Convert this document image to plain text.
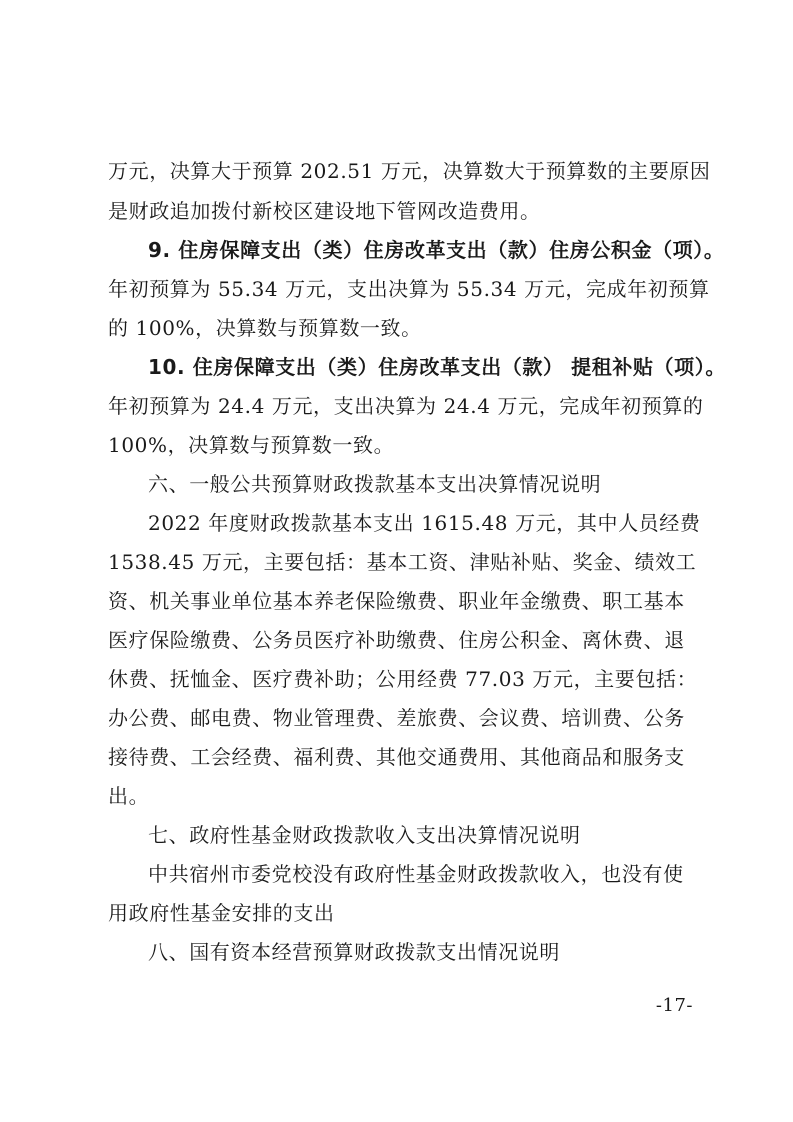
万元，决算大于预算 202.51 万元，决算数大于预算数的主要原因
是财政追加拨付新校区建设地下管网改造费用。
9. 住房保障支出（类）住房改革支出（款）住房公积金（项）。
年初预算为 55.34 万元，支出决算为 55.34 万元，完成年初预算
的 100%，决算数与预算数一致。
10. 住房保障支出（类）住房改革支出（款） 提租补贴（项）。
年初预算为 24.4 万元，支出决算为 24.4 万元，完成年初预算的
100%，决算数与预算数一致。
六、一般公共预算财政拨款基本支出决算情况说明
2022 年度财政拨款基本支出 1615.48 万元，其中人员经费
1538.45 万元，主要包括：基本工资、津贴补贴、奖金、绩效工
资、机关事业单位基本养老保险缴费、职业年金缴费、职工基本
医疗保险缴费、公务员医疗补助缴费、住房公积金、离休费、退
休费、抚恤金、医疗费补助；公用经费 77.03 万元，主要包括：
办公费、邮电费、物业管理费、差旅费、会议费、培训费、公务
接待费、工会经费、福利费、其他交通费用、其他商品和服务支
出。
七、政府性基金财政拨款收入支出决算情况说明
中共宿州市委党校没有政府性基金财政拨款收入，也没有使
用政府性基金安排的支出
八、国有资本经营预算财政拨款支出情况说明
-17-
